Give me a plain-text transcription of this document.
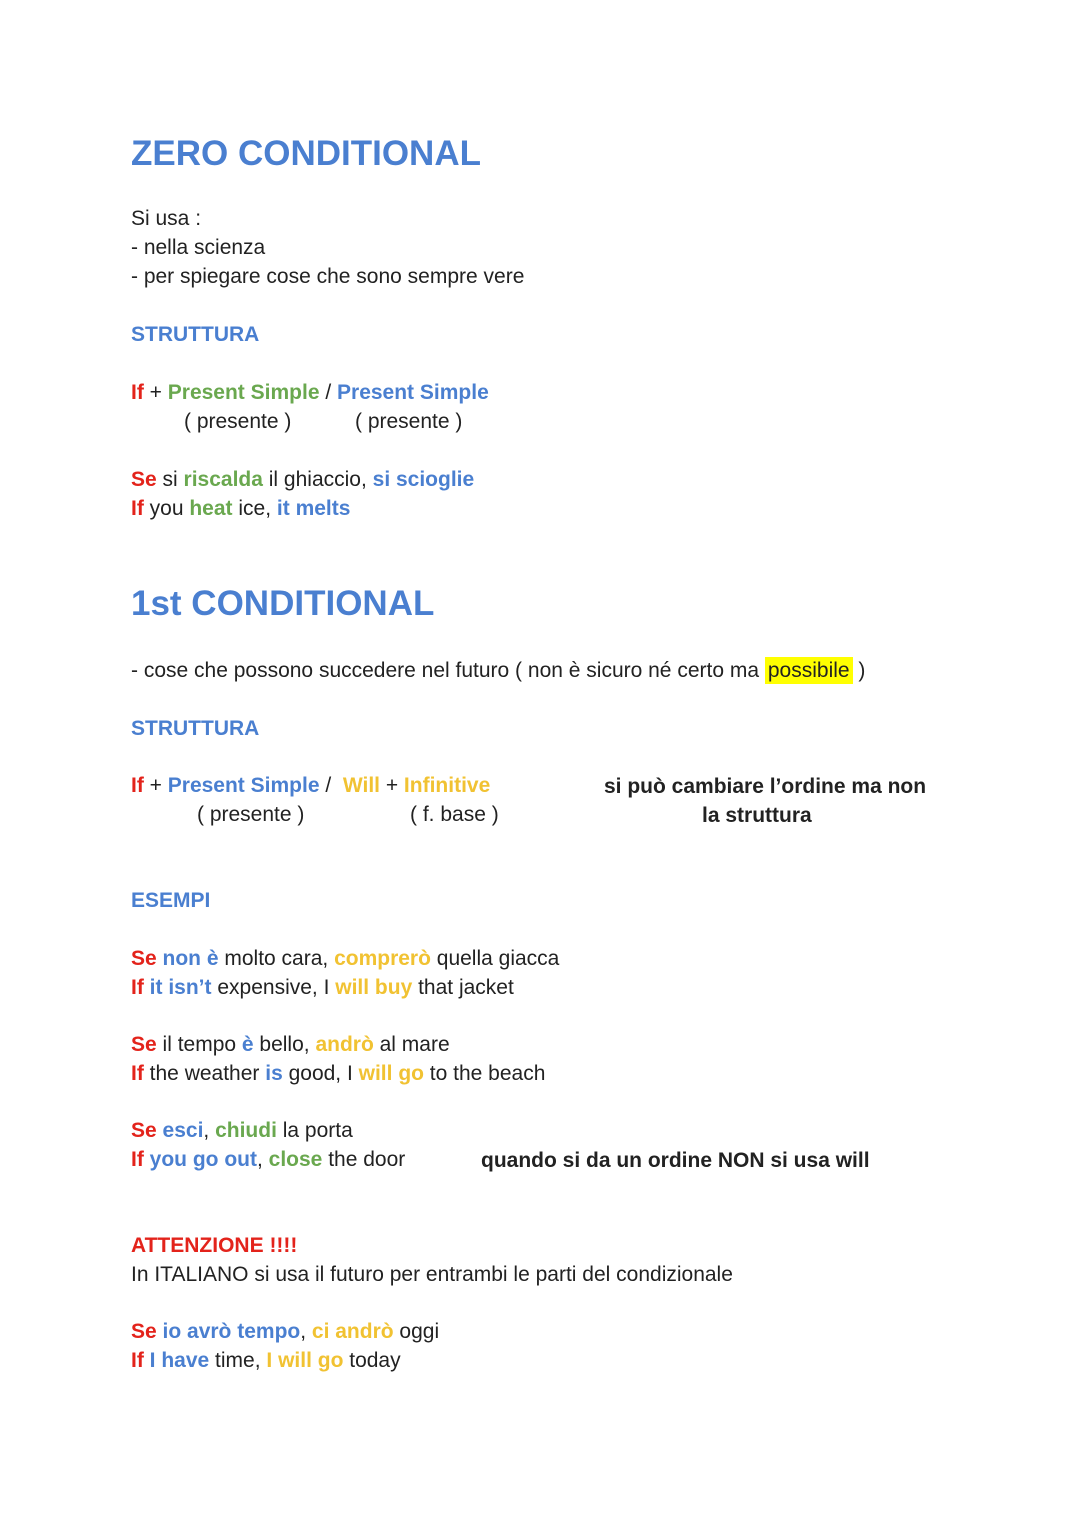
ZERO CONDITIONAL
Si usa :
- nella scienza
- per spiegare cose che sono sempre vere
STRUTTURA
If + Present Simple / Present Simple
( presente )	( presente )
Se si riscalda il ghiaccio, si scioglie
If you heat ice, it melts
1st CONDITIONAL
- cose che possono succedere nel futuro ( non è sicuro né certo ma possibile )
STRUTTURA
If + Present Simple /  Will + Infinitive
( presente )	( f. base )
si può cambiare l’ordine ma non
la struttura
ESEMPI
Se non è molto cara, comprerò quella giacca
If it isn’t expensive, I will buy that jacket
Se il tempo è bello, andrò al mare
If the weather is good, I will go to the beach
Se esci, chiudi la porta
If you go out, close the door	quando si da un ordine NON si usa will
ATTENZIONE !!!!
In ITALIANO si usa il futuro per entrambi le parti del condizionale
Se io avrò tempo, ci andrò oggi
If I have time, I will go today
